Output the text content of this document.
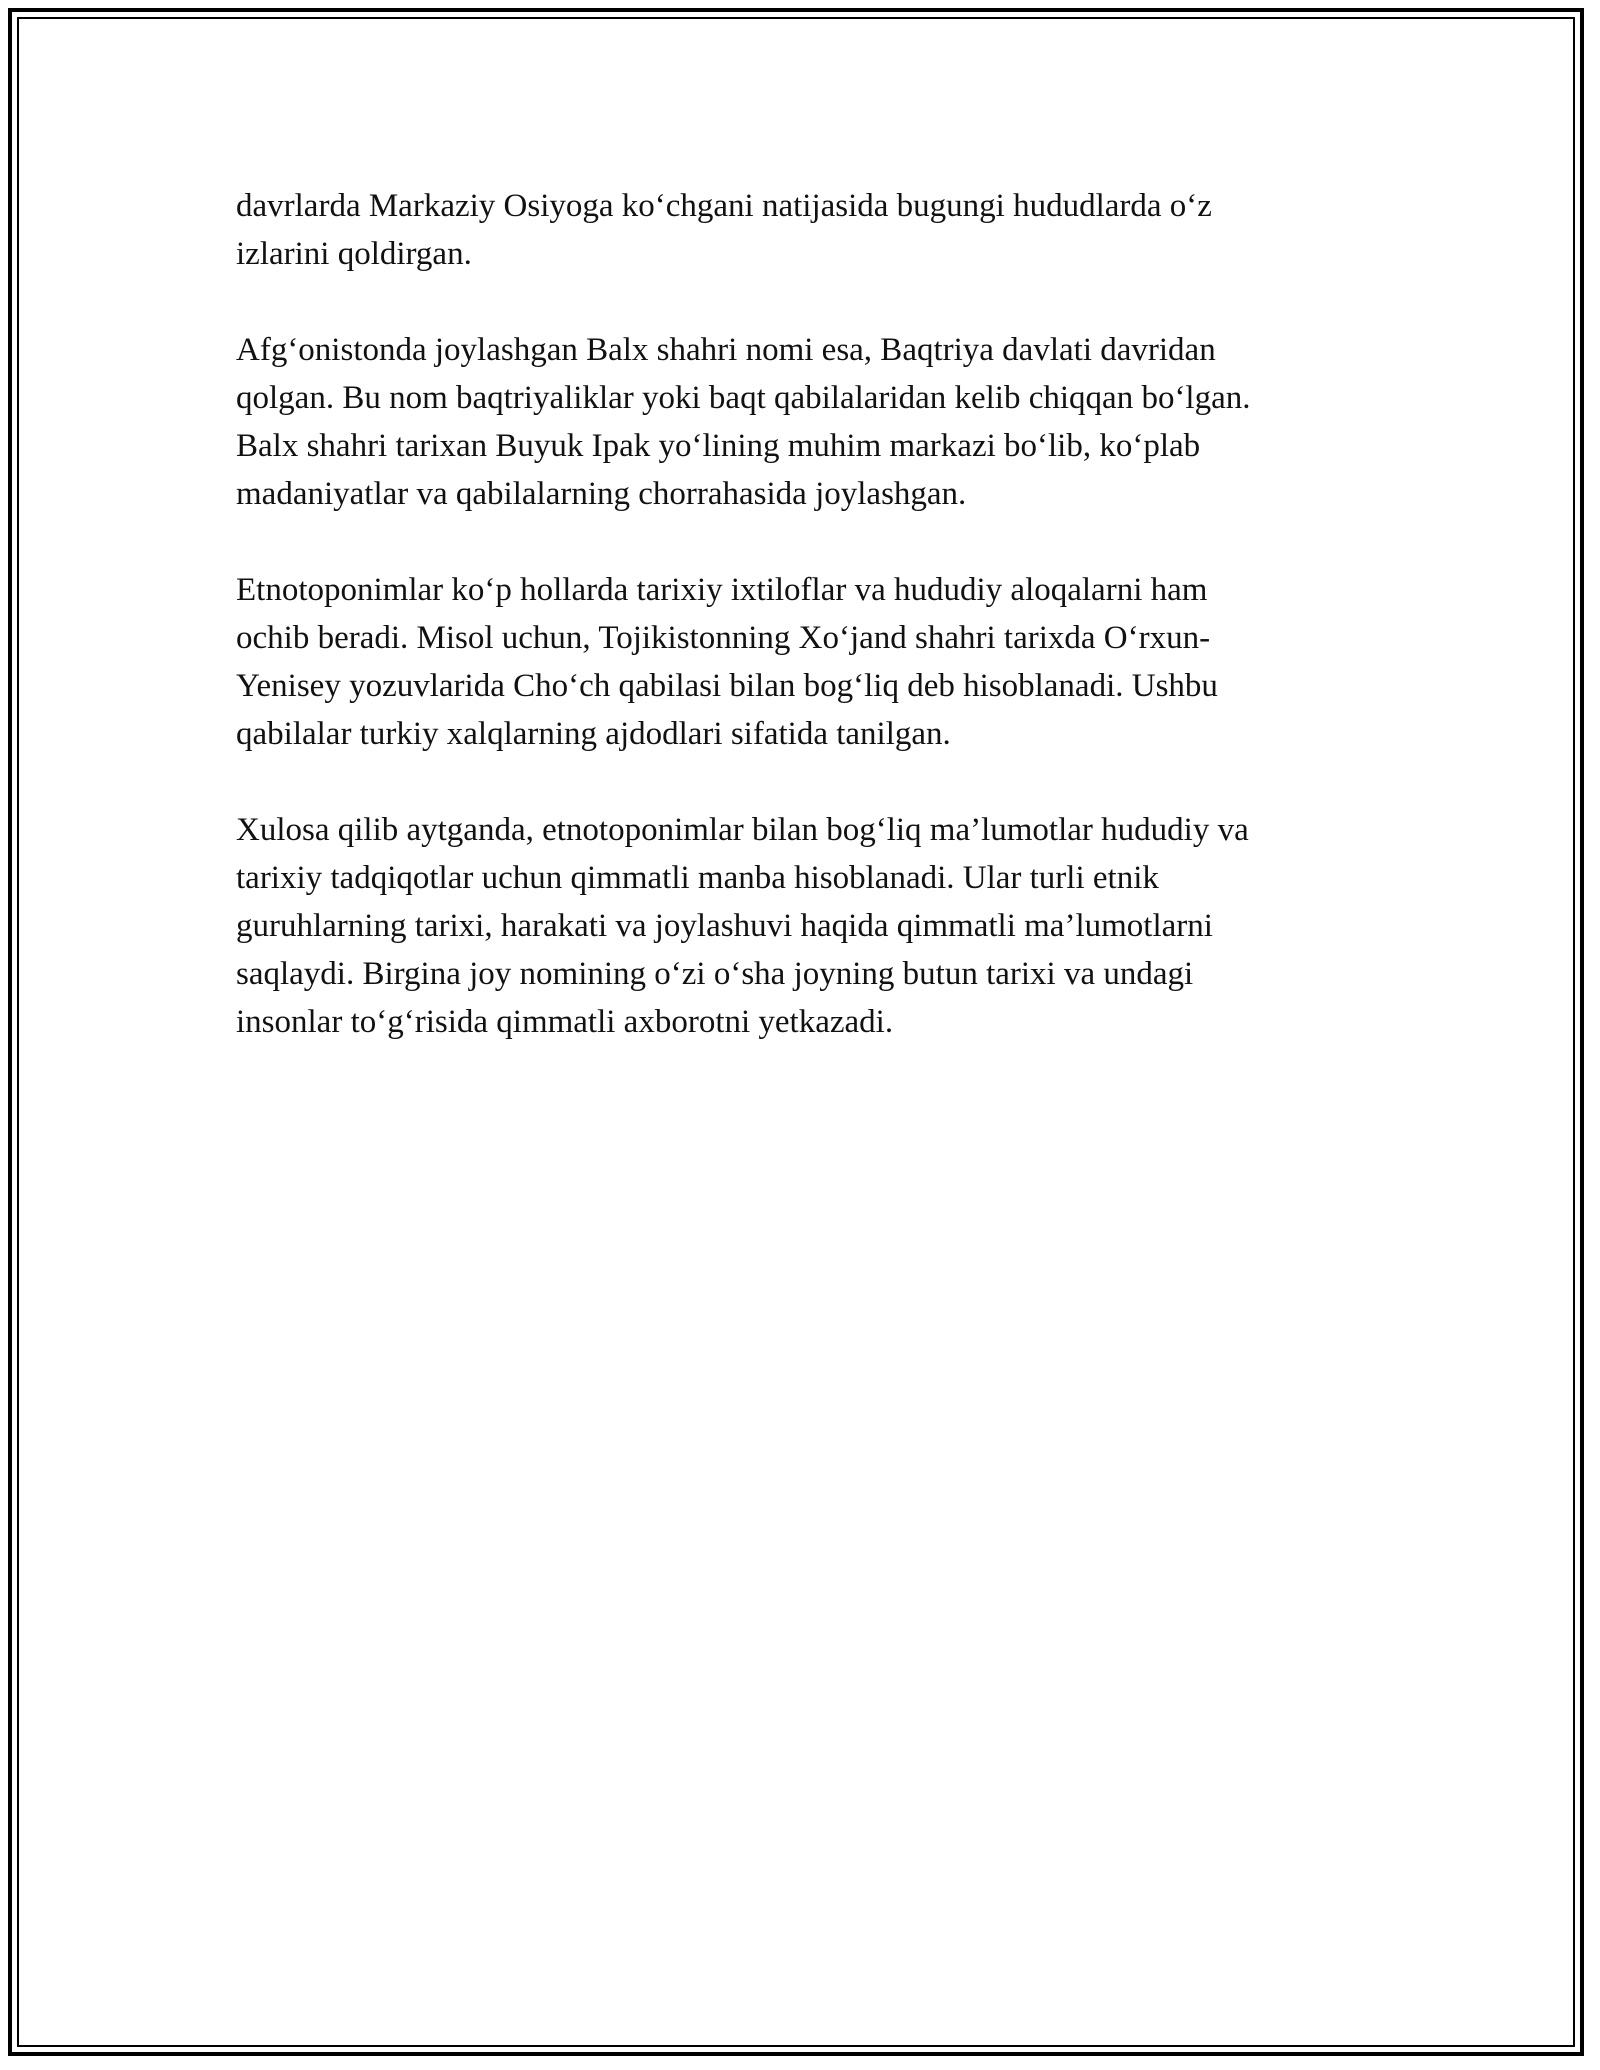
davrlarda Markaziy Osiyoga ko‘chgani natijasida bugungi hududlarda o‘z
izlarini qoldirgan.

Afg‘onistonda joylashgan Balx shahri nomi esa, Baqtriya davlati davridan
qolgan. Bu nom baqtriyaliklar yoki baqt qabilalaridan kelib chiqqan bo‘lgan.
Balx shahri tarixan Buyuk Ipak yo‘lining muhim markazi bo‘lib, ko‘plab
madaniyatlar va qabilalarning chorrahasida joylashgan.

Etnotoponimlar ko‘p hollarda tarixiy ixtiloflar va hududiy aloqalarni ham
ochib beradi. Misol uchun, Tojikistonning Xo‘jand shahri tarixda O‘rxun-
Yenisey yozuvlarida Cho‘ch qabilasi bilan bog‘liq deb hisoblanadi. Ushbu
qabilalar turkiy xalqlarning ajdodlari sifatida tanilgan.

Xulosa qilib aytganda, etnotoponimlar bilan bog‘liq ma’lumotlar hududiy va
tarixiy tadqiqotlar uchun qimmatli manba hisoblanadi. Ular turli etnik
guruhlarning tarixi, harakati va joylashuvi haqida qimmatli ma’lumotlarni
saqlaydi. Birgina joy nomining o‘zi o‘sha joyning butun tarixi va undagi
insonlar to‘g‘risida qimmatli axborotni yetkazadi.
